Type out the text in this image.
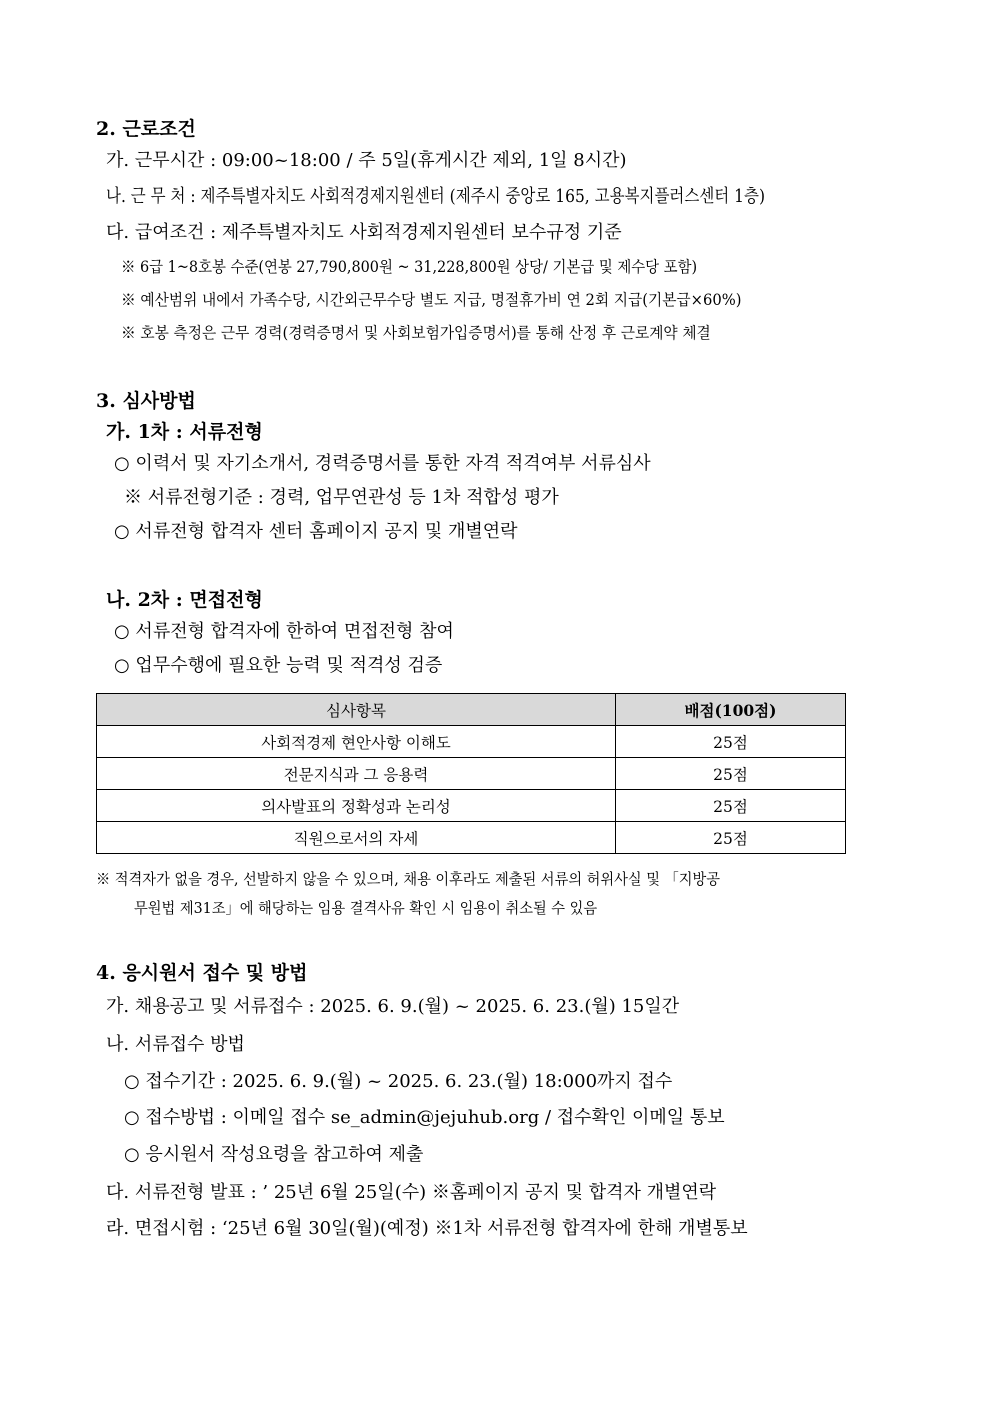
2. 근로조건
가. 근무시간 : 09:00~18:00 / 주 5일(휴게시간 제외, 1일 8시간)
나. 근 무 처 : 제주특별자치도 사회적경제지원센터 (제주시 중앙로 165, 고용복지플러스센터 1층)
다. 급여조건 : 제주특별자치도 사회적경제지원센터 보수규정 기준
※ 6급 1~8호봉 수준(연봉 27,790,800원 ~ 31,228,800원 상당/ 기본급 및 제수당 포함)
※ 예산범위 내에서 가족수당, 시간외근무수당 별도 지급, 명절휴가비 연 2회 지급(기본급×60%)
※ 호봉 측정은 근무 경력(경력증명서 및 사회보험가입증명서)를 통해 산정 후 근로계약 체결
3. 심사방법
가. 1차 : 서류전형
○ 이력서 및 자기소개서, 경력증명서를 통한 자격 적격여부 서류심사
※ 서류전형기준 : 경력, 업무연관성 등 1차 적합성 평가
○ 서류전형 합격자 센터 홈페이지 공지 및 개별연락
나. 2차 : 면접전형
○ 서류전형 합격자에 한하여 면접전형 참여
○ 업무수행에 필요한 능력 및 적격성 검증
심사항목	배점(100점)
사회적경제 현안사항 이해도	25점
전문지식과 그 응용력	25점
의사발표의 정확성과 논리성	25점
직원으로서의 자세	25점
※ 적격자가 없을 경우, 선발하지 않을 수 있으며, 채용 이후라도 제출된 서류의 허위사실 및 「지방공
무원법 제31조」에 해당하는 임용 결격사유 확인 시 임용이 취소될 수 있음
4. 응시원서 접수 및 방법
가. 채용공고 및 서류접수 : 2025. 6. 9.(월) ~ 2025. 6. 23.(월) 15일간
나. 서류접수 방법
○ 접수기간 : 2025. 6. 9.(월) ~ 2025. 6. 23.(월) 18:000까지 접수
○ 접수방법 : 이메일 접수 se_admin@jejuhub.org / 접수확인 이메일 통보
○ 응시원서 작성요령을 참고하여 제출
다. 서류전형 발표 : ’ 25년 6월 25일(수) ※홈페이지 공지 및 합격자 개별연락
라. 면접시험 : ‘25년 6월 30일(월)(예정) ※1차 서류전형 합격자에 한해 개별통보
